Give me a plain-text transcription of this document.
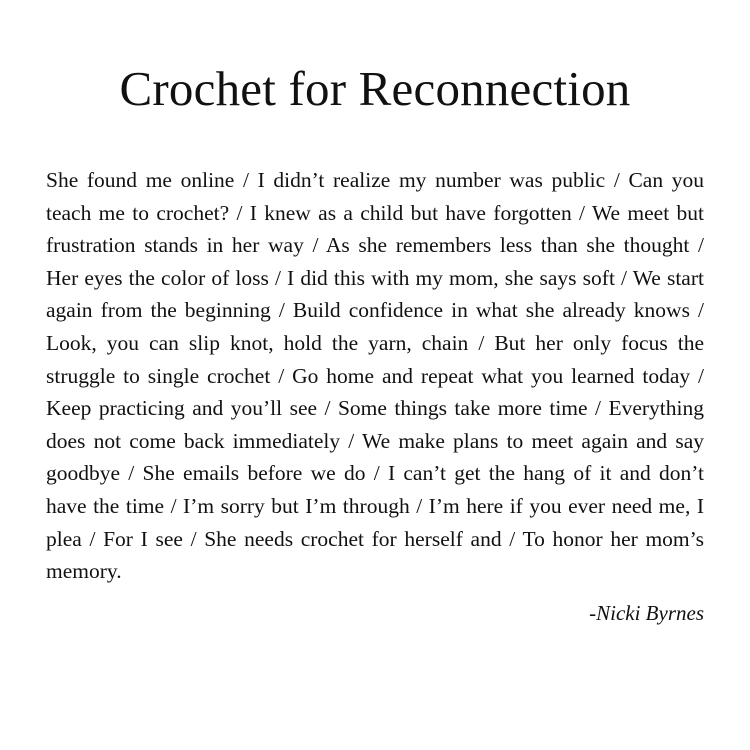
Crochet for Reconnection

She found me online / I didn’t realize my number was public / Can you teach me to crochet? / I knew as a child but have forgotten / We meet but frustration stands in her way / As she remembers less than she thought / Her eyes the color of loss / I did this with my mom, she says soft / We start again from the beginning / Build confidence in what she already knows / Look, you can slip knot, hold the yarn, chain / But her only focus the struggle to single crochet / Go home and repeat what you learned today / Keep practicing and you’ll see / Some things take more time / Everything does not come back immediately / We make plans to meet again and say goodbye / She emails before we do / I can’t get the hang of it and don’t have the time / I’m sorry but I’m through / I’m here if you ever need me, I plea / For I see / She needs crochet for herself and / To honor her mom’s memory.

-Nicki Byrnes
